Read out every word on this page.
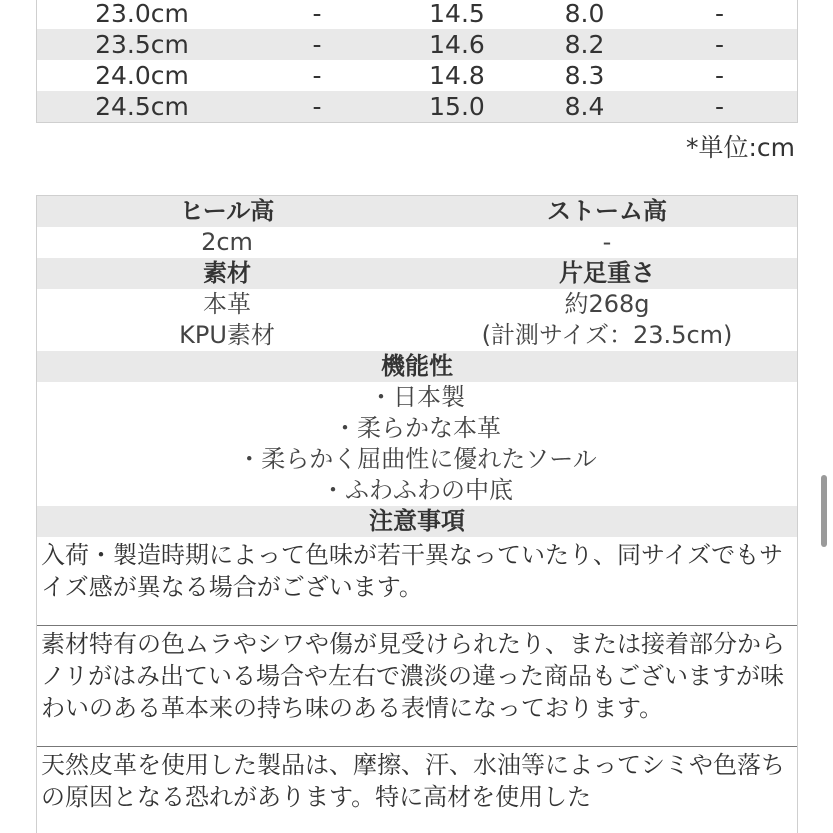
23.0cm	-	14.5	8.0	-
23.5cm	-	14.6	8.2	-
24.0cm	-	14.8	8.3	-
24.5cm	-	15.0	8.4	-
*単位:cm
ヒール高	ストーム高
2cm	-
素材	片足重さ
本革	約268g
KPU素材	(計測サイズ：23.5cm)
機能性
・日本製
・柔らかな本革
・柔らかく屈曲性に優れたソール
・ふわふわの中底
注意事項
入荷・製造時期によって色味が若干異なっていたり、同サイズでもサイズ感が異なる場合がございます。
素材特有の色ムラやシワや傷が見受けられたり、または接着部分からノリがはみ出ている場合や左右で濃淡の違った商品もございますが味わいのある革本来の持ち味のある表情になっております。
天然皮革を使用した製品は、摩擦、汗、水油等によってシミや色落ちの原因となる恐れがあります。特に高材を使用した
